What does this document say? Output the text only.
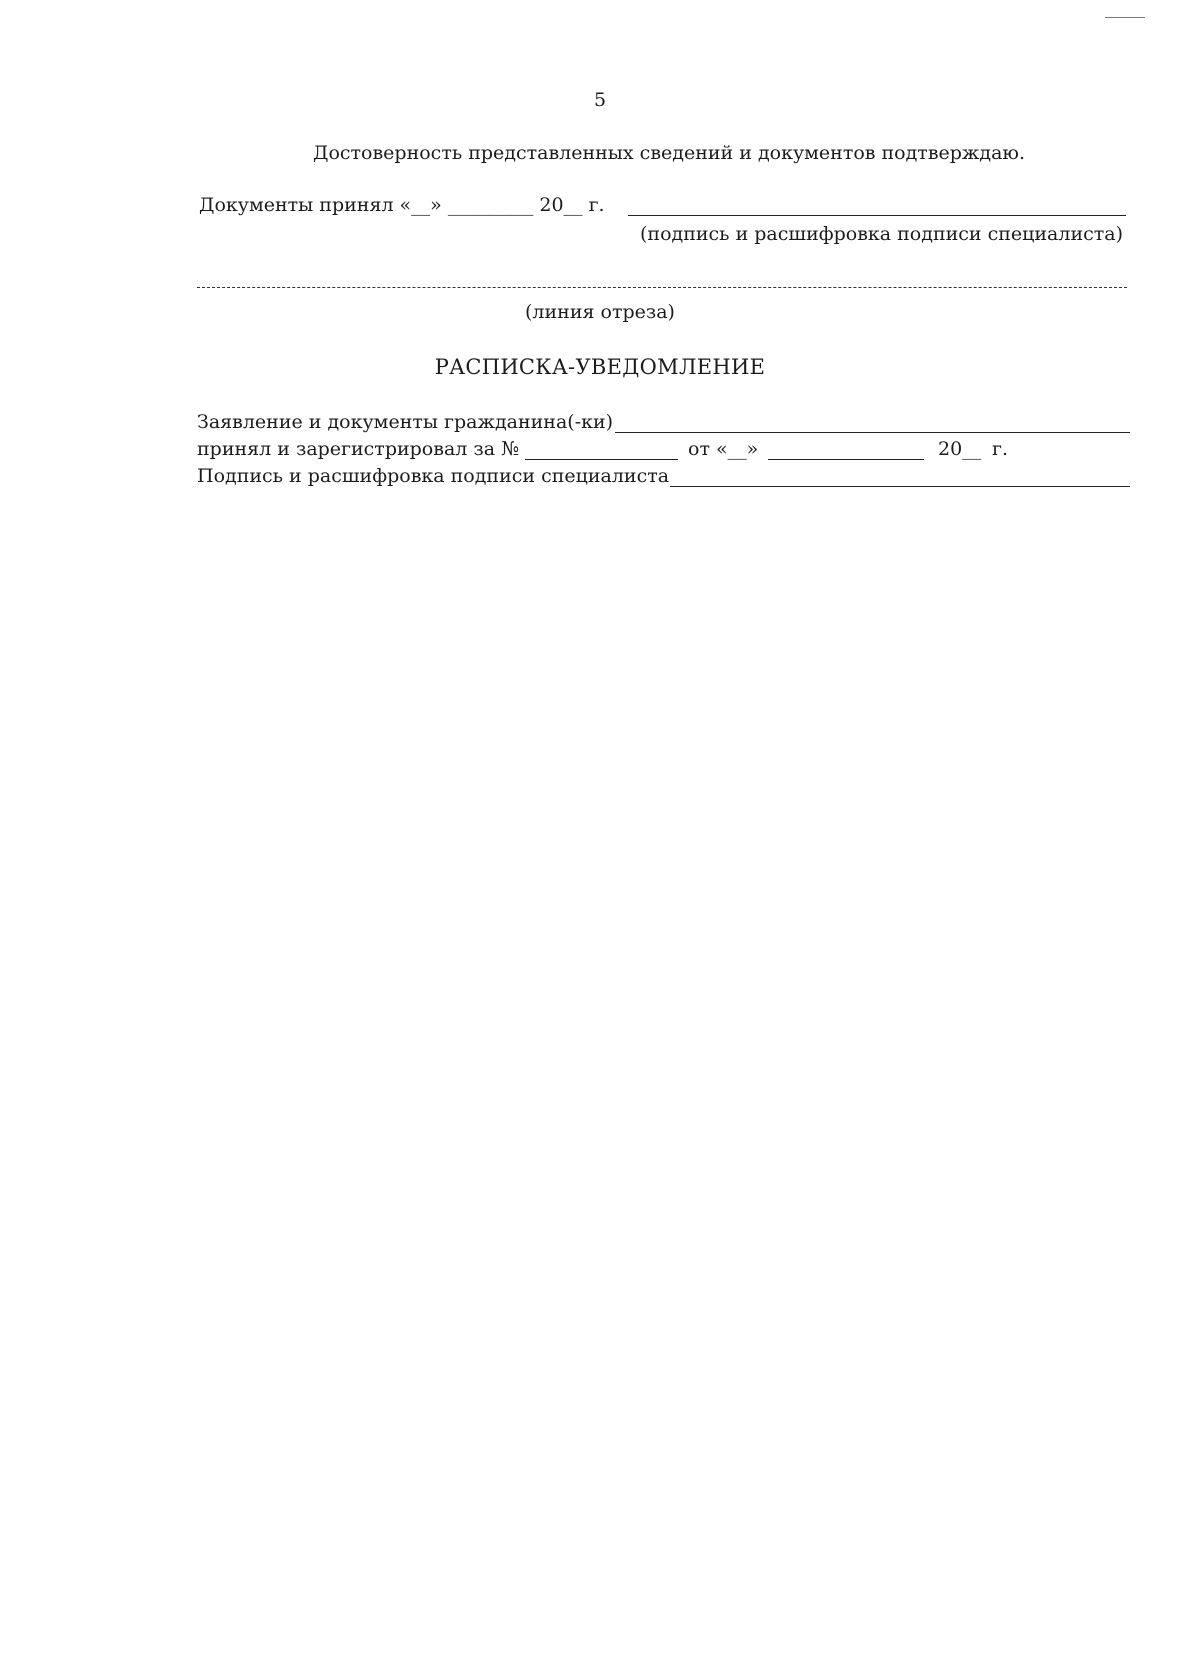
5
Достоверность представленных сведений и документов подтверждаю.
Документы принял «__» _________ 20__ г.
(подпись и расшифровка подписи специалиста)
(линия отреза)
РАСПИСКА-УВЕДОМЛЕНИЕ
Заявление и документы гражданина(-ки)
принял и зарегистрировал за №	от «__»	20__ г.
Подпись и расшифровка подписи специалиста
